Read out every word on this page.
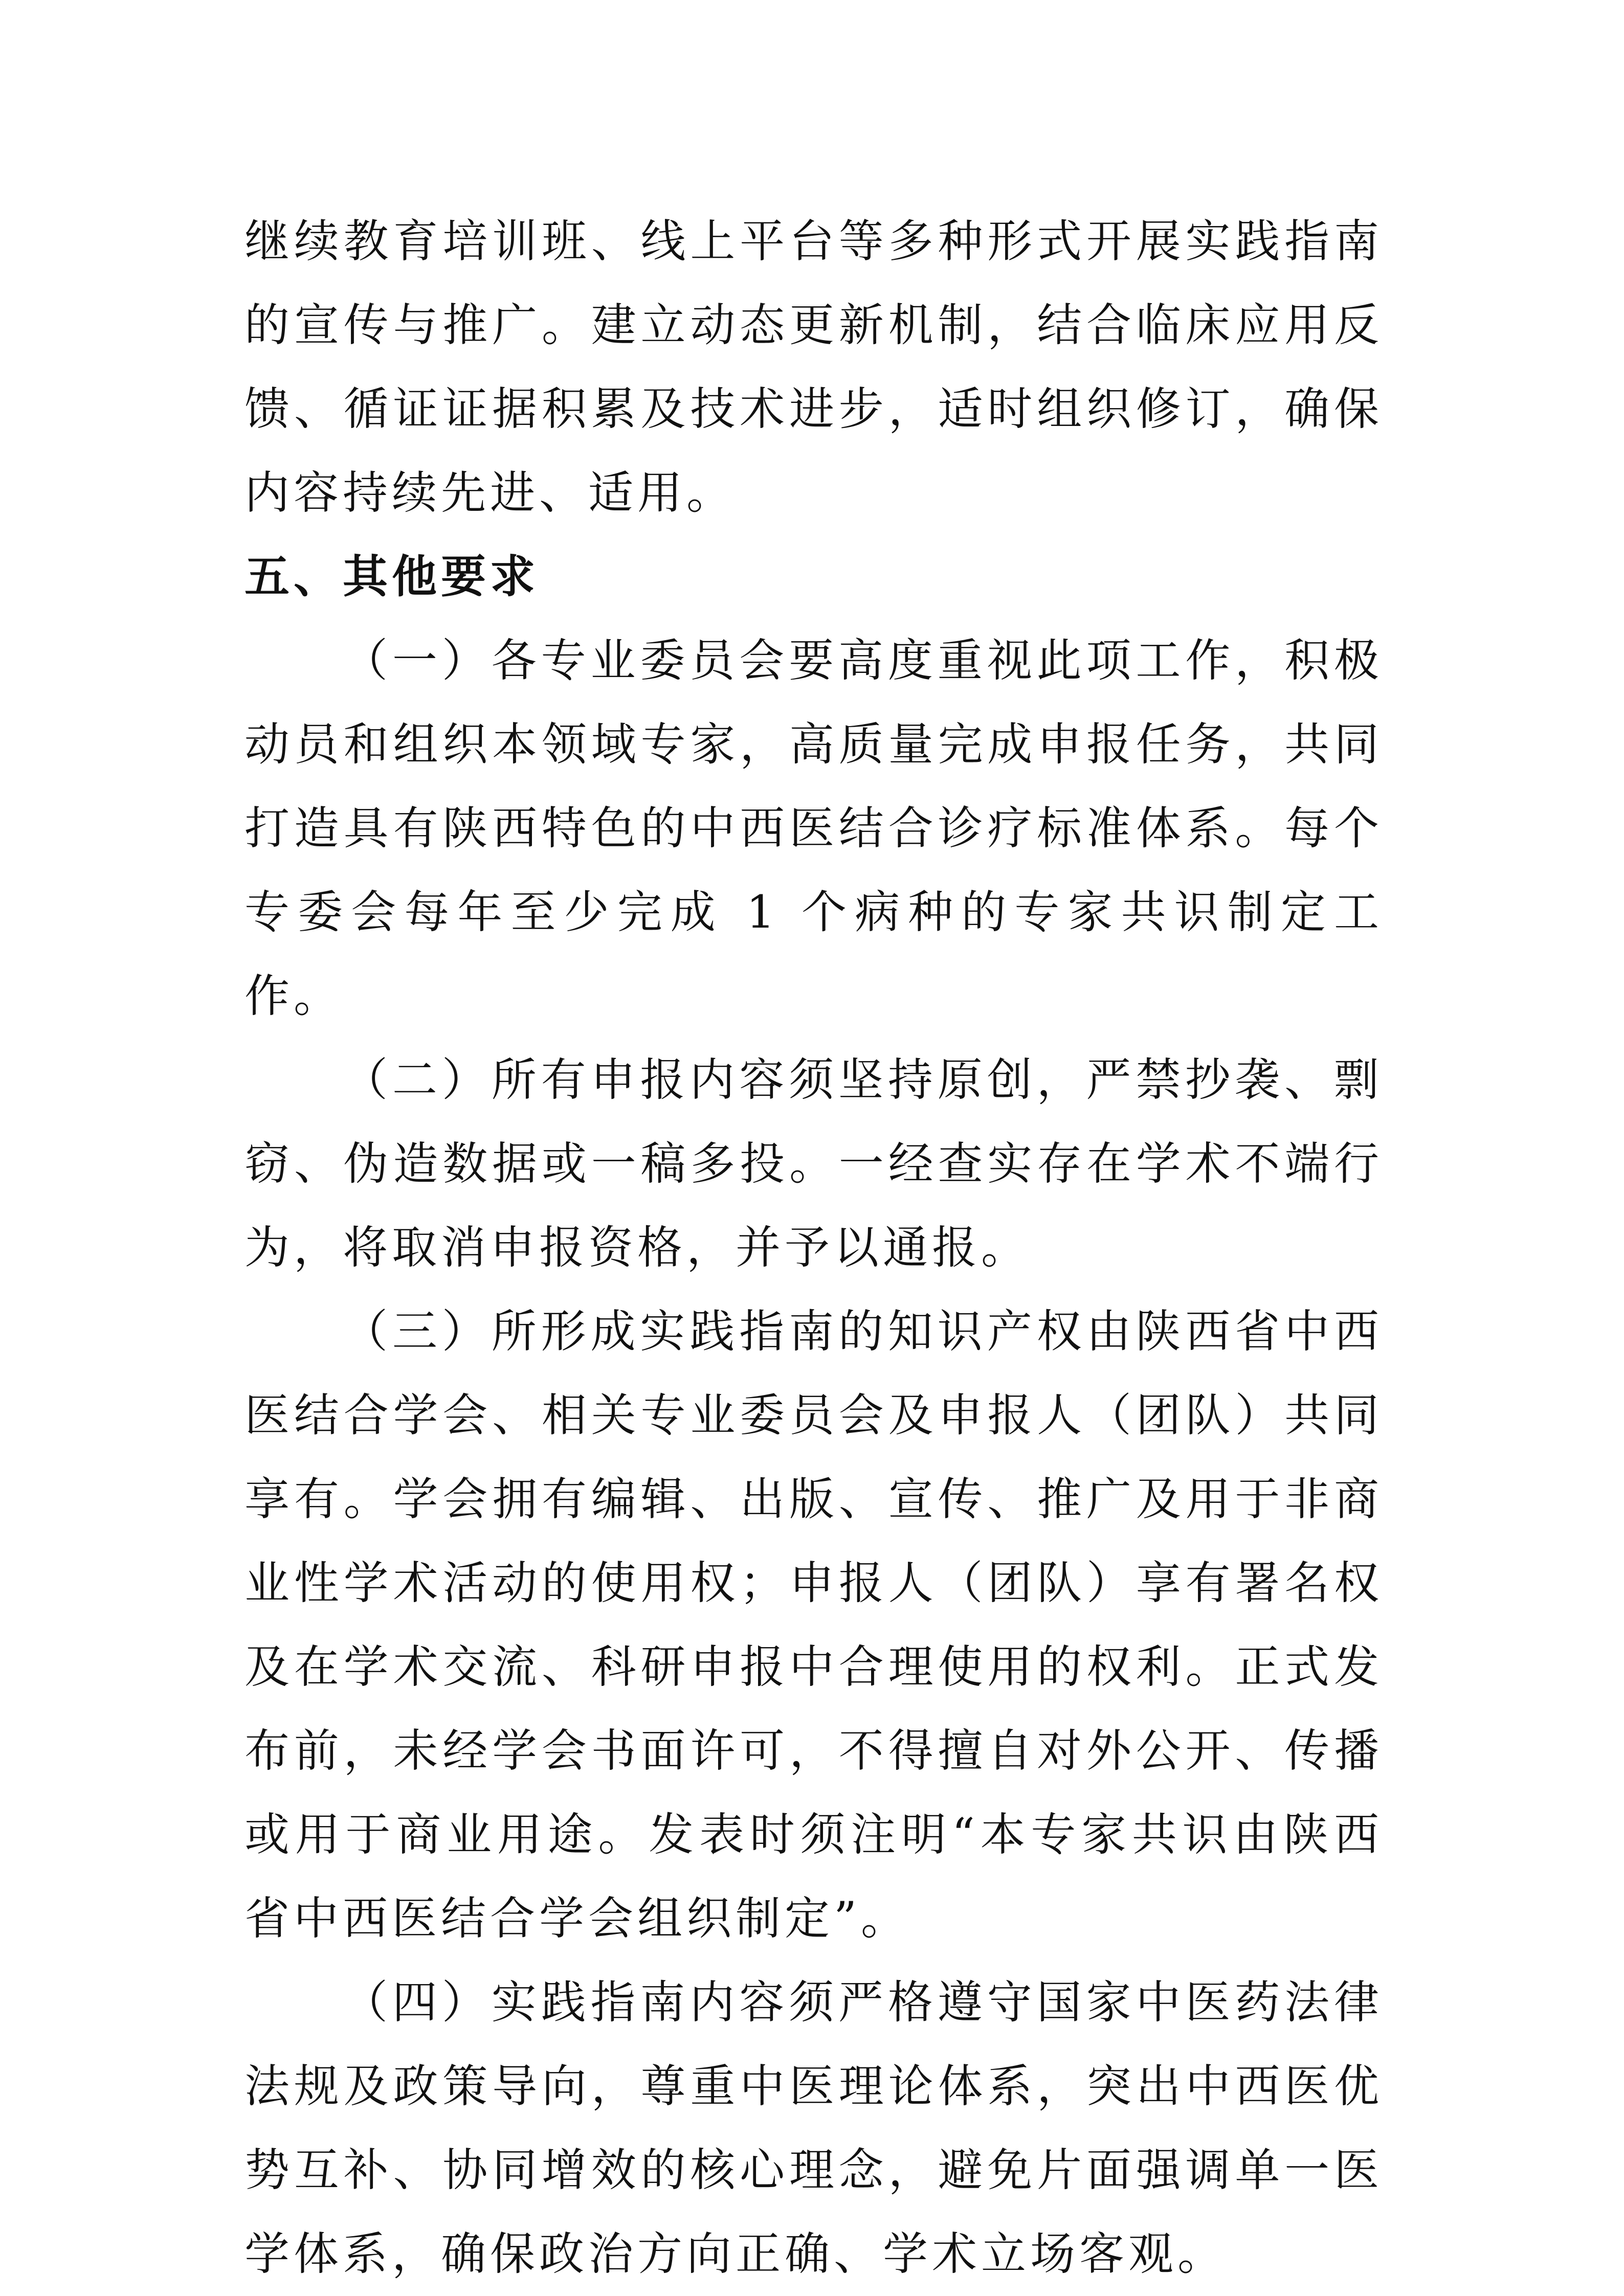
继续教育培训班、线上平台等多种形式开展实践指南的宣传与推广。建立动态更新机制，结合临床应用反馈、循证证据积累及技术进步，适时组织修订，确保内容持续先进、适用。

五、其他要求

（一）各专业委员会要高度重视此项工作，积极动员和组织本领域专家，高质量完成申报任务，共同打造具有陕西特色的中西医结合诊疗标准体系。每个专委会每年至少完成 1 个病种的专家共识制定工作。

（二）所有申报内容须坚持原创，严禁抄袭、剽窃、伪造数据或一稿多投。一经查实存在学术不端行为，将取消申报资格，并予以通报。

（三）所形成实践指南的知识产权由陕西省中西医结合学会、相关专业委员会及申报人（团队）共同享有。学会拥有编辑、出版、宣传、推广及用于非商业性学术活动的使用权；申报人（团队）享有署名权及在学术交流、科研申报中合理使用的权利。正式发布前，未经学会书面许可，不得擅自对外公开、传播或用于商业用途。发表时须注明“本专家共识由陕西省中西医结合学会组织制定”。

（四）实践指南内容须严格遵守国家中医药法律法规及政策导向，尊重中医理论体系，突出中西医优势互补、协同增效的核心理念，避免片面强调单一医学体系，确保政治方向正确、学术立场客观。
